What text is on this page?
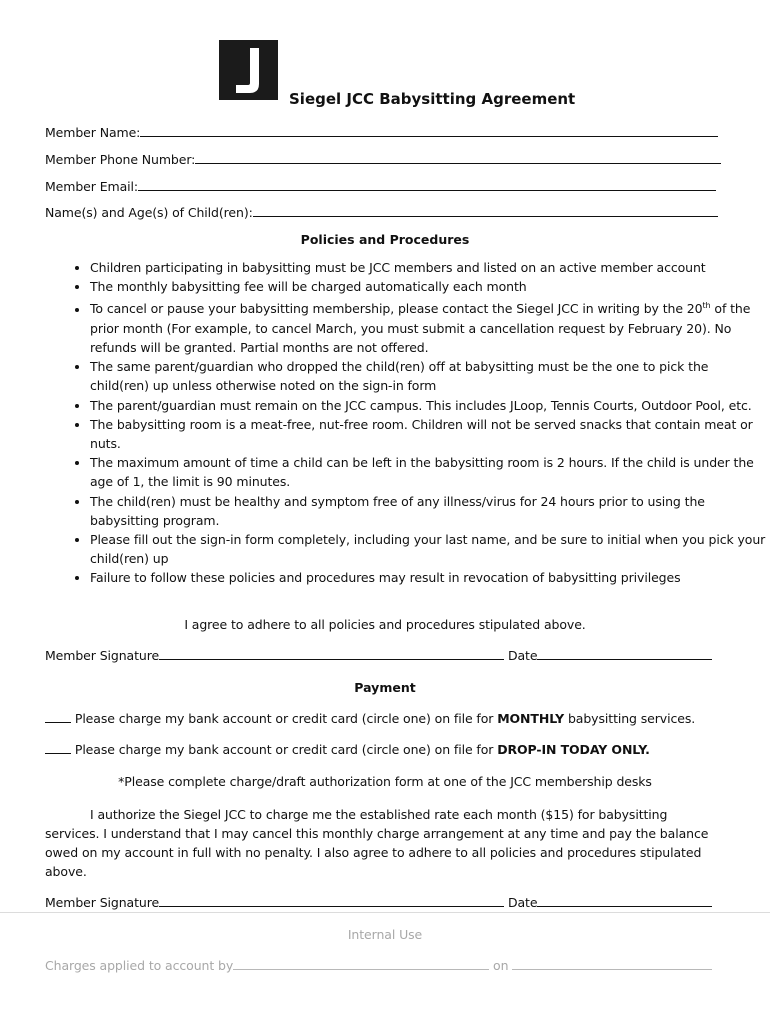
Siegel JCC Babysitting Agreement
Member Name:
Member Phone Number:
Member Email:
Name(s) and Age(s) of Child(ren):
Policies and Procedures
• Children participating in babysitting must be JCC members and listed on an active member account
• The monthly babysitting fee will be charged automatically each month
• To cancel or pause your babysitting membership, please contact the Siegel JCC in writing by the 20th of the prior month (For example, to cancel March, you must submit a cancellation request by February 20). No refunds will be granted. Partial months are not offered.
• The same parent/guardian who dropped the child(ren) off at babysitting must be the one to pick the child(ren) up unless otherwise noted on the sign-in form
• The parent/guardian must remain on the JCC campus. This includes JLoop, Tennis Courts, Outdoor Pool, etc.
• The babysitting room is a meat-free, nut-free room. Children will not be served snacks that contain meat or nuts.
• The maximum amount of time a child can be left in the babysitting room is 2 hours. If the child is under the age of 1, the limit is 90 minutes.
• The child(ren) must be healthy and symptom free of any illness/virus for 24 hours prior to using the babysitting program.
• Please fill out the sign-in form completely, including your last name, and be sure to initial when you pick your child(ren) up
• Failure to follow these policies and procedures may result in revocation of babysitting privileges
I agree to adhere to all policies and procedures stipulated above.
Member Signature	Date
Payment
Please charge my bank account or credit card (circle one) on file for MONTHLY babysitting services.
Please charge my bank account or credit card (circle one) on file for DROP-IN TODAY ONLY.
*Please complete charge/draft authorization form at one of the JCC membership desks
I authorize the Siegel JCC to charge me the established rate each month ($15) for babysitting services. I understand that I may cancel this monthly charge arrangement at any time and pay the balance owed on my account in full with no penalty. I also agree to adhere to all policies and procedures stipulated above.
Member Signature	Date
Internal Use
Charges applied to account by	on
